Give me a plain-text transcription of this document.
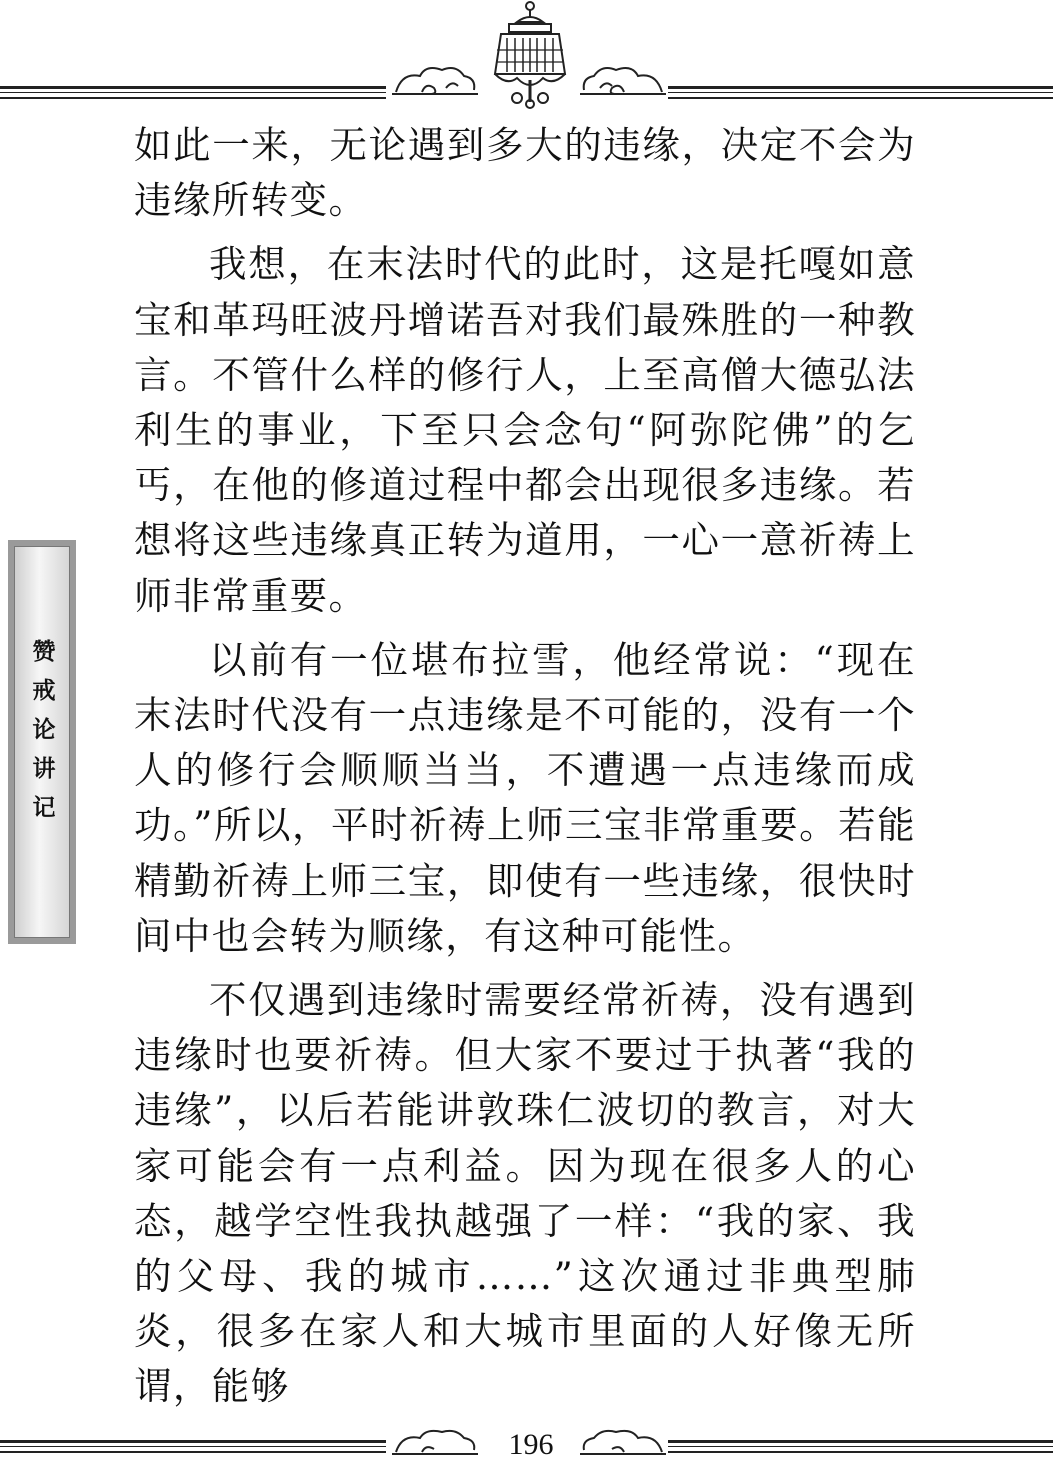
赞戒论讲记

如此一来，无论遇到多大的违缘，决定不会为违缘所转变。

我想，在末法时代的此时，这是托嘎如意宝和革玛旺波丹增诺吾对我们最殊胜的一种教言。不管什么样的修行人，上至高僧大德弘法利生的事业，下至只会念句“阿弥陀佛”的乞丐，在他的修道过程中都会出现很多违缘。若想将这些违缘真正转为道用，一心一意祈祷上师非常重要。

以前有一位堪布拉雪，他经常说：“现在末法时代没有一点违缘是不可能的，没有一个人的修行会顺顺当当，不遭遇一点违缘而成功。”所以，平时祈祷上师三宝非常重要。若能精勤祈祷上师三宝，即使有一些违缘，很快时间中也会转为顺缘，有这种可能性。

不仅遇到违缘时需要经常祈祷，没有遇到违缘时也要祈祷。但大家不要过于执著“我的违缘”，以后若能讲敦珠仁波切的教言，对大家可能会有一点利益。因为现在很多人的心态，越学空性我执越强了一样：“我的家、我的父母、我的城市……”这次通过非典型肺炎，很多在家人和大城市里面的人好像无所谓，能够

196
